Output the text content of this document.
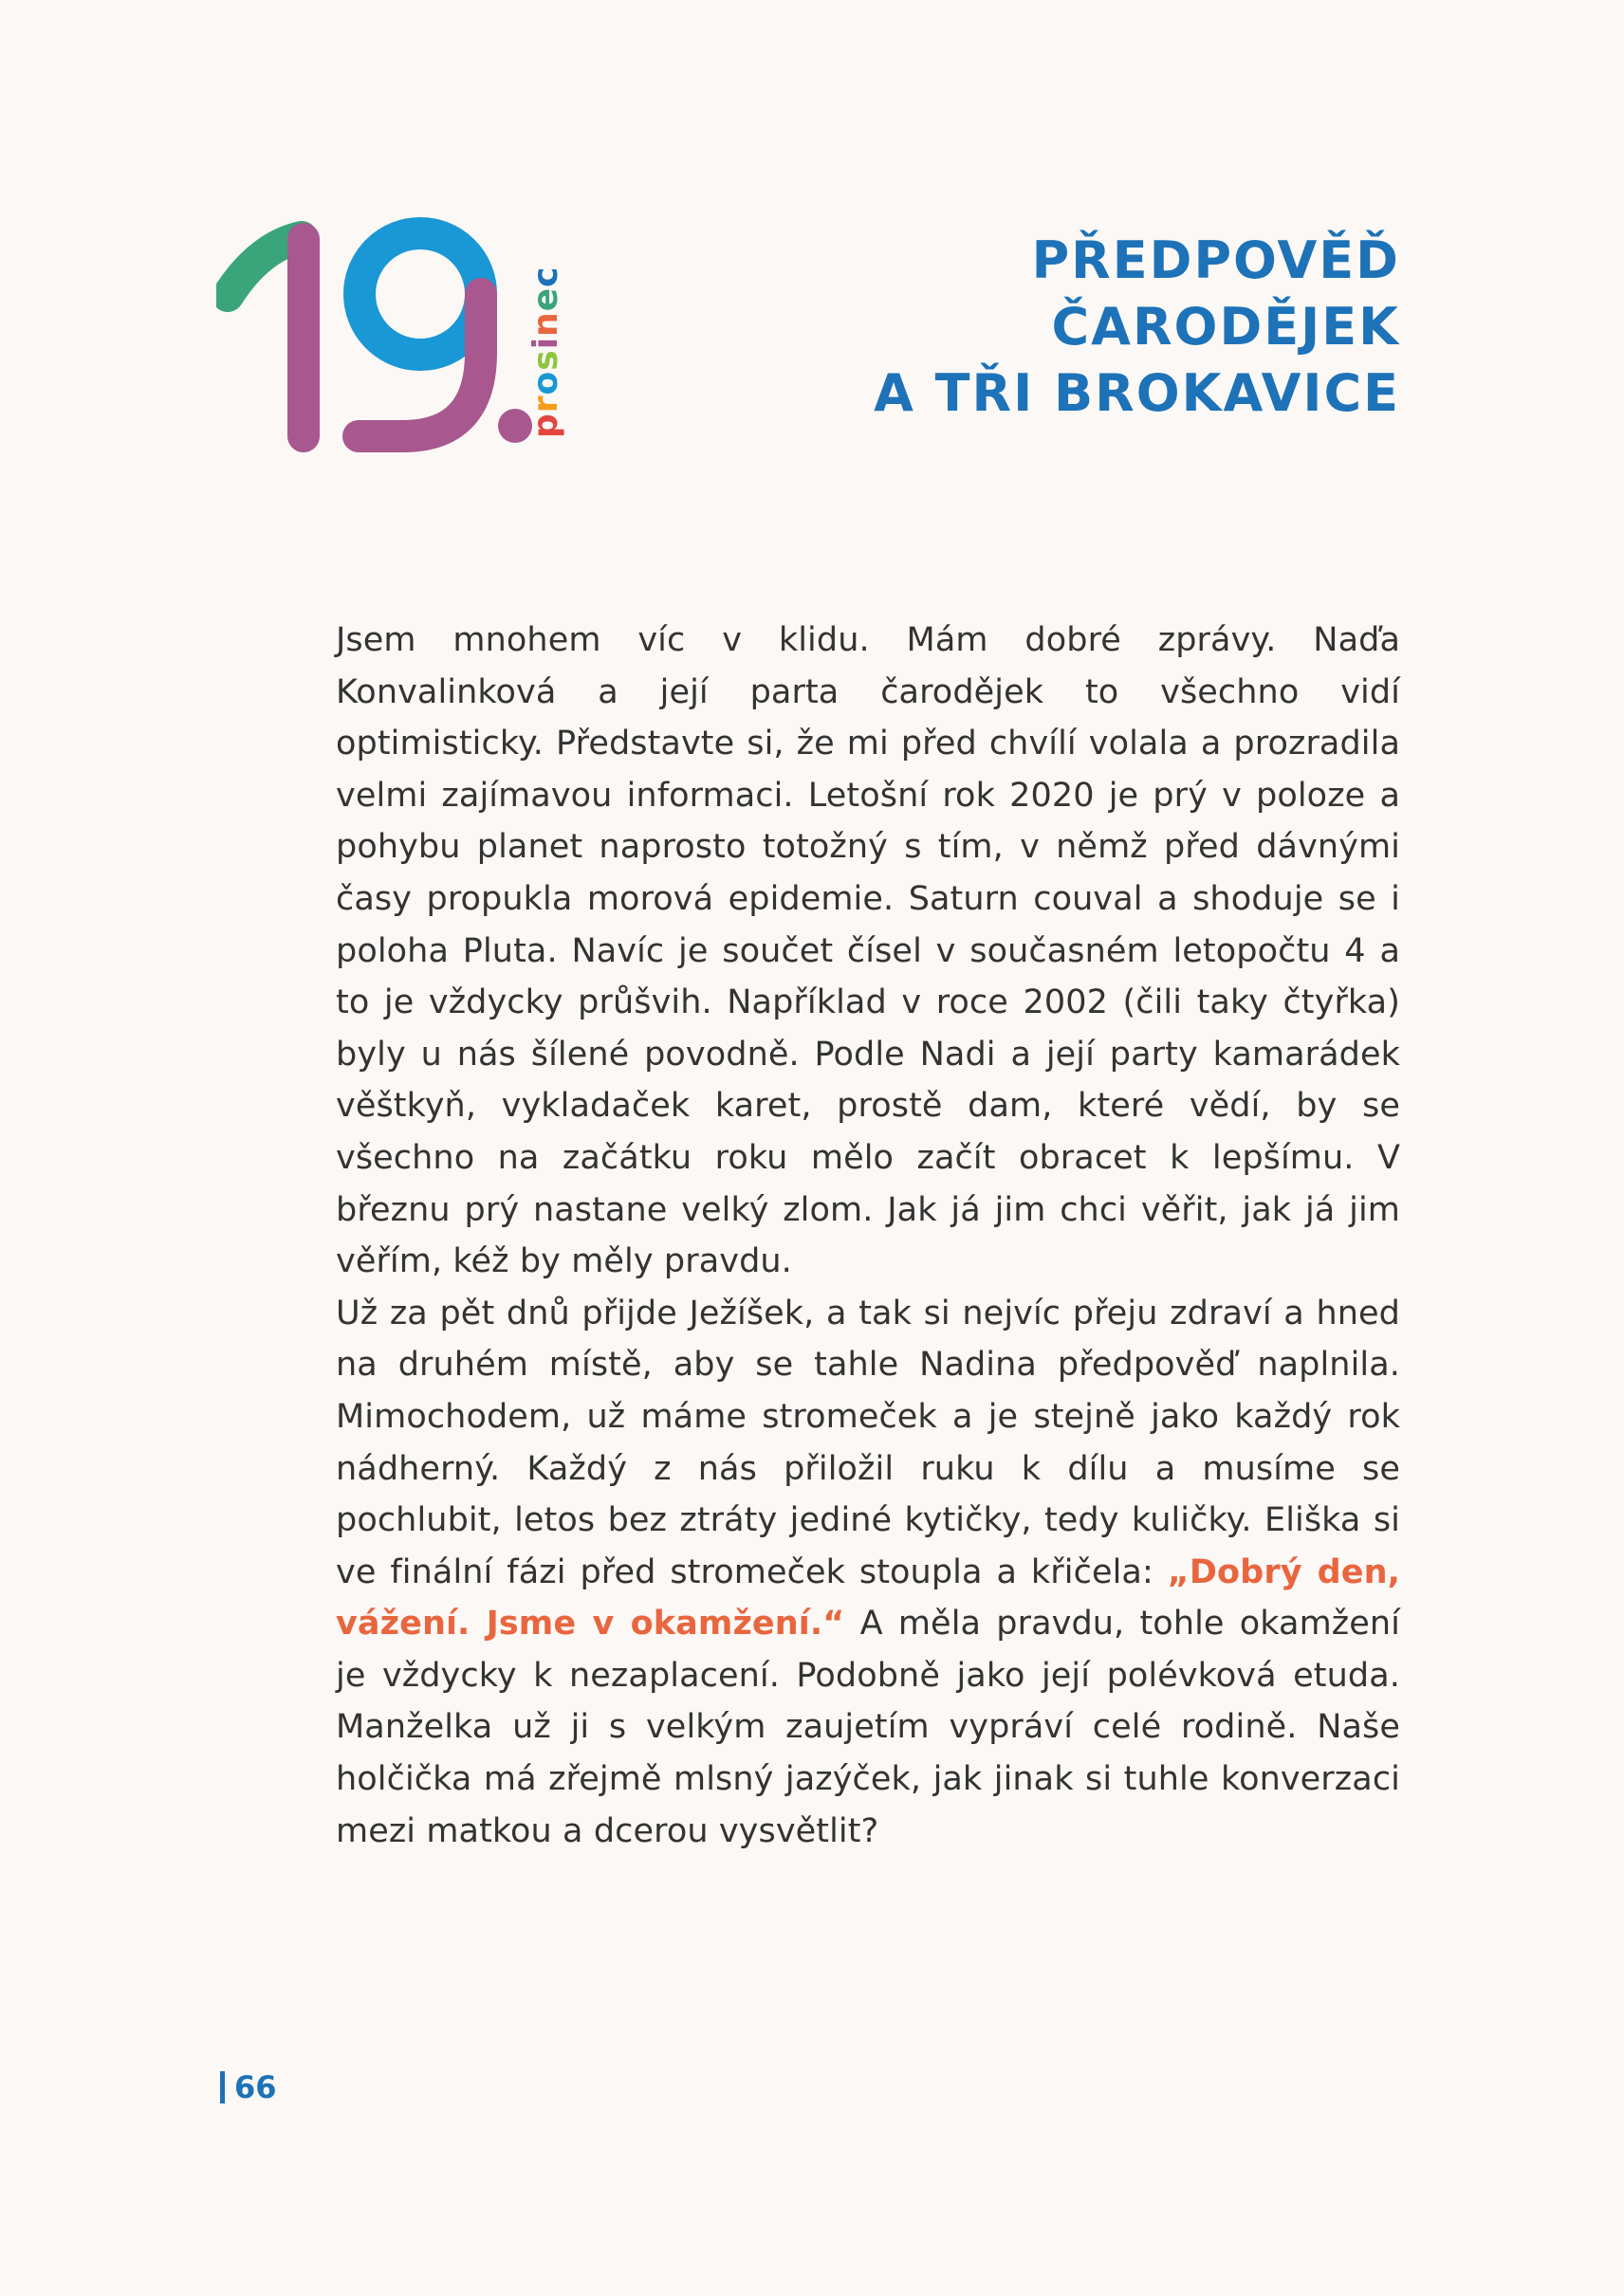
prosinec	PŘEDPOVĚĎ
ČARODĚJEK
A TŘI BROKAVICE

Jsem mnohem víc v klidu. Mám dobré zprávy. Naďa Konvalinková a její parta čarodějek to všechno vidí optimisticky. Představte si, že mi před chvílí volala a prozradila velmi zajímavou informaci. Letošní rok 2020 je prý v poloze a pohybu planet naprosto totožný s tím, v němž před dávnými časy propukla morová epidemie. Saturn couval a shoduje se i poloha Pluta. Navíc je součet čísel v současném letopočtu 4 a to je vždycky průšvih. Například v roce 2002 (čili taky čtyřka) byly u nás šílené povodně. Podle Nadi a její party kamarádek věštkyň, vykladaček karet, prostě dam, které vědí, by se všechno na začátku roku mělo začít obracet k lepšímu. V březnu prý nastane velký zlom. Jak já jim chci věřit, jak já jim věřím, kéž by měly pravdu.

Už za pět dnů přijde Ježíšek, a tak si nejvíc přeju zdraví a hned na druhém místě, aby se tahle Nadina předpověď naplnila. Mimochodem, už máme stromeček a je stejně jako každý rok nádherný. Každý z nás přiložil ruku k dílu a musíme se pochlubit, letos bez ztráty jediné kytičky, tedy kuličky. Eliška si ve finální fázi před stromeček stoupla a křičela: „Dobrý den, vážení. Jsme v okamžení.“ A měla pravdu, tohle okamžení je vždycky k nezaplacení. Podobně jako její polévková etuda. Manželka už ji s velkým zaujetím vypráví celé rodině. Naše holčička má zřejmě mlsný jazýček, jak jinak si tuhle konverzaci mezi matkou a dcerou vysvětlit?

66
